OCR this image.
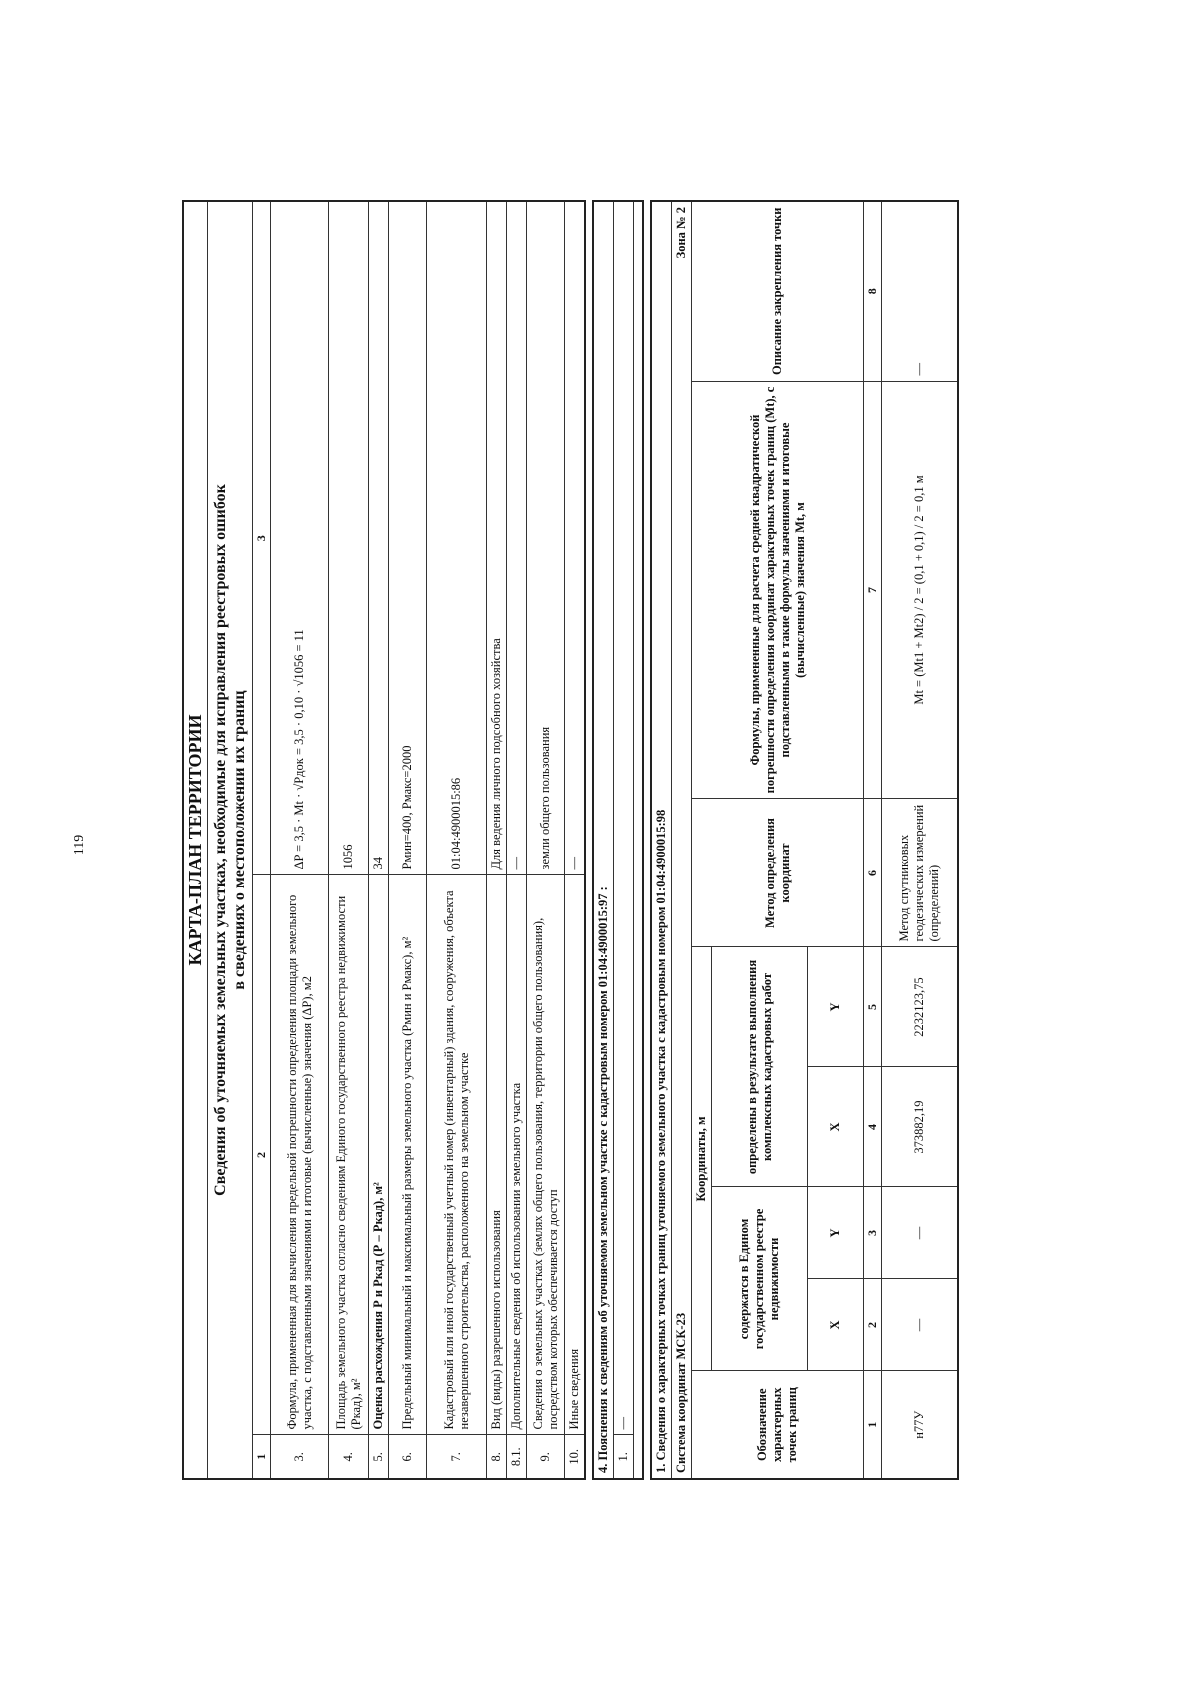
119	КАРТА-ПЛАН ТЕРРИТОРИИ		

Сведения об уточняемых земельных участках, необходимые для исправления реестровых ошибок в сведениях о местоположении их границ		

1	2	3
3.	Формула, примененная для вычисления предельной погрешности определения площади земельного участка, с подставленными значениями и итоговые (вычисленные) значения (ΔP), м2	ΔP = 3,5 · Mt · √Pдок = 3,5 · 0,10 · √1056 = 11
4.	Площадь земельного участка согласно сведениям Единого государственного реестра недвижимости (Ркад), м²	1056
5.	Оценка расхождения Р и Ркад (Р – Ркад), м²	34
6.	Предельный минимальный и максимальный размеры земельного участка (Рмин и Рмакс), м²	Рмин=400, Рмакс=2000
7.	Кадастровый или иной государственный учетный номер (инвентарный) здания, сооружения, объекта незавершенного строительства, расположенного на земельном участке	01:04:4900015:86
8.	Вид (виды) разрешенного использования	Для ведения личного подсобного хозяйства
8.1.	Дополнительные сведения об использовании земельного участка	—
9.	Сведения о земельных участках (землях общего пользования, территории общего пользования), посредством которых обеспечивается доступ	земли общего пользования
10.	Иные сведения	—
4. Пояснения к сведениям об уточняемом земельном участке с кадастровым номером 01:04:4900015:97 :
1.	— 1. Сведения о характерных точках границ уточняемого земельного участка с кадастровым номером 01:04:4900015:98							
Система координат МСК-23							Зона № 2
Обозначение характерных точек границ	Координаты, м				Метод определения координат	Формулы, примененные для расчета средней квадратической погрешности определения координат характерных точек границ (Mt), с подставленными в такие формулы значениями и итоговые (вычисленные) значения Mt, м	Описание закрепления точки
	содержатся в Едином государственном реестре недвижимости		определены в результате выполнения комплексных кадастровых работ				
	X	Y	X	Y			
1	2	3	4	5	6	7	8
н77У	—	—	373882,19	2232123,75	Метод спутниковых геодезических измерений (определений)	Mt = (Mt1 + Mt2) / 2 = (0,1 + 0,1) / 2 = 0,1 м	—
